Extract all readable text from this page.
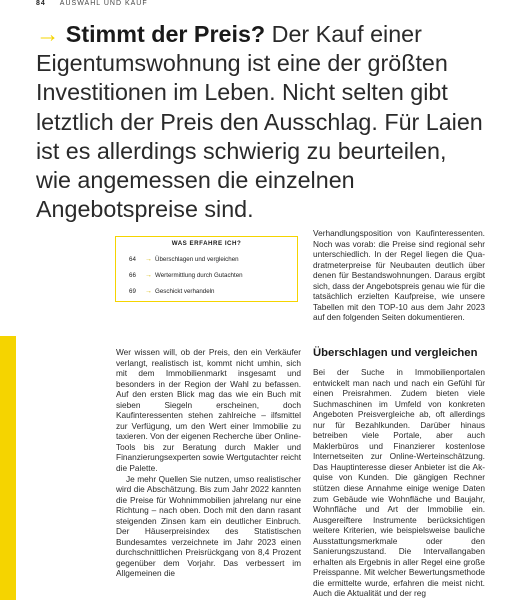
84 AUSWAHL UND KAUF
→ Stimmt der Preis? Der Kauf einer Eigentumswohnung ist eine der größten Investitionen im Leben. Nicht selten gibt letztlich der Preis den Ausschlag. Für Laien ist es allerdings schwierig zu beurteilen, wie angemessen die einzelnen Angebotspreise sind.
WAS ERFAHRE ICH?
64	→ Überschlagen und vergleichen
66	→ Wertermittlung durch Gutachten
69	→ Geschickt verhandeln

Wer wissen will, ob der Preis, den ein Verkäufer verlangt, realistisch ist, kommt nicht umhin, sich mit dem Immobilienmarkt insgesamt und besonders in der Region der Wahl zu befassen. Auf den ersten Blick mag das wie ein Buch mit sieben Siegeln erscheinen, doch Kaufinteressenten stehen zahlreiche – ilfsmittel zur Verfügung, um den Wert einer Immobilie zu taxieren. Von der eigenen Recherche über Online-Tools bis zur Beratung durch Makler und Finanzierungsexperten sowie Wertgutachter reicht die Palette.

Je mehr Quellen Sie nutzen, umso realistischer wird die Abschätzung. Bis zum Jahr 2022 kannten die Preise für Wohnimmobilien jahrelang nur eine Richtung – nach oben. Doch mit den dann rasant steigenden Zinsen kam ein deutlicher Einbruch. Der Häuserpreisindex des Statistischen Bundesamtes verzeichnete im Jahr 2023 einen durchschnittlichen Preisrückgang von 8,4 Prozent gegenüber dem Vorjahr. Das verbessert im Allgemeinen die

Verhandlungsposition von Kaufinteressenten. Noch was vorab: die Preise sind regional sehr unterschiedlich. In der Regel liegen die Quadratmeterpreise für Neubauten deutlich über denen für Bestandswohnungen. Daraus ergibt sich, dass der Angebotspreis genau wie für die tatsächlich erzielten Kaufpreise, wie unsere Tabellen mit den TOP-10 aus dem Jahr 2023 auf den folgenden Seiten dokumentieren.

Überschlagen und vergleichen

Bei der Suche in Immobilienportalen entwickelt man nach und nach ein Gefühl für einen Preisrahmen. Zudem bieten viele Suchmaschinen im Umfeld von konkreten Angeboten Preisvergleiche ab, oft allerdings nur für Bezahlkunden. Darüber hinaus betreiben viele Portale, aber auch Maklerbüros und Finanzierer kostenlose Internetseiten zur Online-Werteinschätzung. Das Hauptinteresse dieser Anbieter ist die Akquise von Kunden. Die gängigen Rechner stützen diese Annahme einige wenige Daten zum Gebäude wie Wohnfläche und Baujahr, Wohnfläche und Art der Immobilie ein. Ausgereiftere Instrumente berücksichtigen weitere Kriterien, wie beispielsweise bauliche Ausstattungsmerkmale oder den Sanierungszustand. Die Intervallangaben erhalten als Ergebnis in aller Regel eine große Preisspanne. Mit welcher Bewertungsmethode die ermittelte wurde, erfahren die meist nicht. Auch die Aktualität und der reg
